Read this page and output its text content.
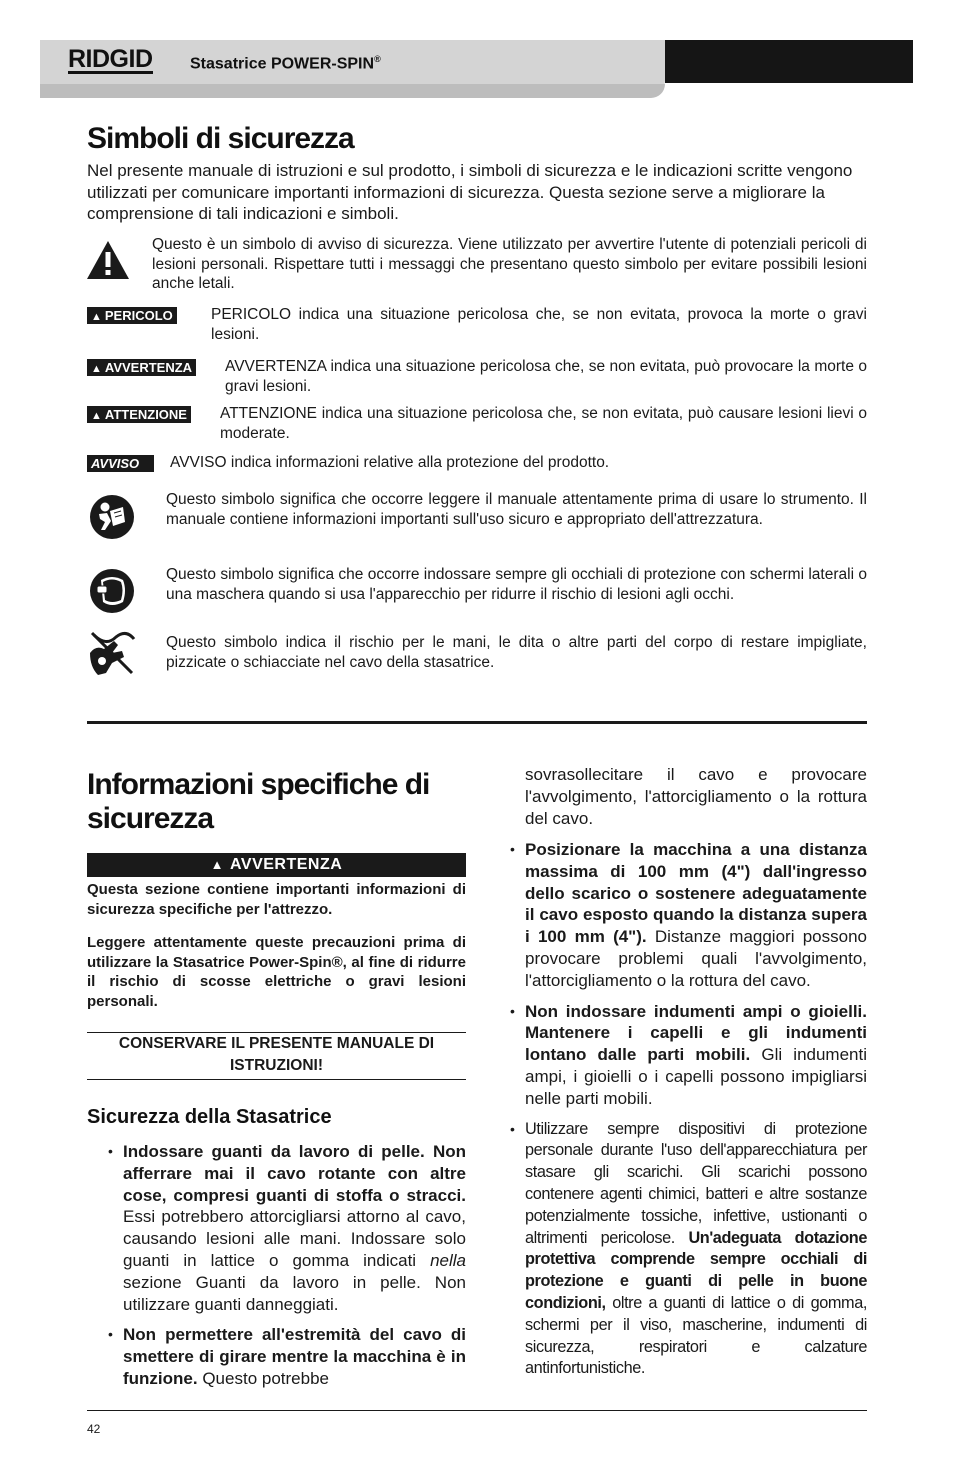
RIDGID Stasatrice POWER-SPIN®
Simboli di sicurezza

Nel presente manuale di istruzioni e sul prodotto, i simboli di sicurezza e le indicazioni scritte vengono utilizzati per comunicare importanti informazioni di sicurezza. Questa sezione serve a migliorare la comprensione di tali indicazioni e simboli.

Questo è un simbolo di avviso di sicurezza. Viene utilizzato per avvertire l'utente di potenziali pericoli di lesioni personali. Rispettare tutti i messaggi che presentano questo simbolo per evitare possibili lesioni anche letali.

▲ PERICOLO PERICOLO indica una situazione pericolosa che, se non evitata, provoca la morte o gravi lesioni.

▲ AVVERTENZA AVVERTENZA indica una situazione pericolosa che, se non evitata, può provocare la morte o gravi lesioni.

▲ ATTENZIONE ATTENZIONE indica una situazione pericolosa che, se non evitata, può causare lesioni lievi o moderate.

AVVISO	AVVISO indica informazioni relative alla protezione del prodotto.

Questo simbolo significa che occorre leggere il manuale attentamente prima di usare lo strumento. Il manuale contiene informazioni importanti sull'uso sicuro e appropriato dell'attrezzatura.

Questo simbolo significa che occorre indossare sempre gli occhiali di protezione con schermi laterali o una maschera quando si usa l'apparecchio per ridurre il rischio di lesioni agli occhi.

Questo simbolo indica il rischio per le mani, le dita o altre parti del corpo di restare impigliate, pizzicate o schiacciate nel cavo della stasatrice.

Informazioni specifiche di
sicurezza
▲ AVVERTENZA

Questa sezione contiene importanti informazioni di sicurezza specifiche per l'attrezzo.

Leggere attentamente queste precauzioni prima di utilizzare la Stasatrice Power-Spin®, al fine di ridurre il rischio di scosse elettriche o gravi lesioni personali.

CONSERVARE IL PRESENTE MANUALE DI
ISTRUZIONI!
Sicurezza della Stasatrice
• Indossare guanti da lavoro di pelle. Non afferrare mai il cavo rotante con altre cose, compresi guanti di stoffa o stracci. Essi potrebbero attorcigliarsi attorno al cavo, causando lesioni alle mani. Indossare solo guanti in lattice o gomma indicati nella sezione Guanti da lavoro in pelle. Non utilizzare guanti danneggiati.
• Non permettere all'estremità del cavo di smettere di girare mentre la macchina è in funzione. Questo potrebbe

sovrasollecitare il cavo e provocare l'avvolgimento, l'attorcigliamento o la rottura del cavo.

• Posizionare la macchina a una distanza massima di 100 mm (4") dall'ingresso dello scarico o sostenere adeguatamente il cavo esposto quando la distanza supera i 100 mm (4"). Distanze maggiori possono provocare problemi quali l'avvolgimento, l'attorcigliamento o la rottura del cavo.
• Non indossare indumenti ampi o gioielli. Mantenere i capelli e gli indumenti lontano dalle parti mobili. Gli indumenti ampi, i gioielli o i capelli possono impigliarsi nelle parti mobili.
• Utilizzare sempre dispositivi di protezione personale durante l'uso dell'apparecchiatura per stasare gli scarichi. Gli scarichi possono contenere agenti chimici, batteri e altre sostanze potenzialmente tossiche, infettive, ustionanti o altrimenti pericolose. Un'adeguata dotazione protettiva comprende sempre occhiali di protezione e guanti di pelle in buone condizioni, oltre a guanti di lattice o di gomma, schermi per il viso, mascherine, indumenti di sicurezza, respiratori e calzature antinfortunistiche.
42
